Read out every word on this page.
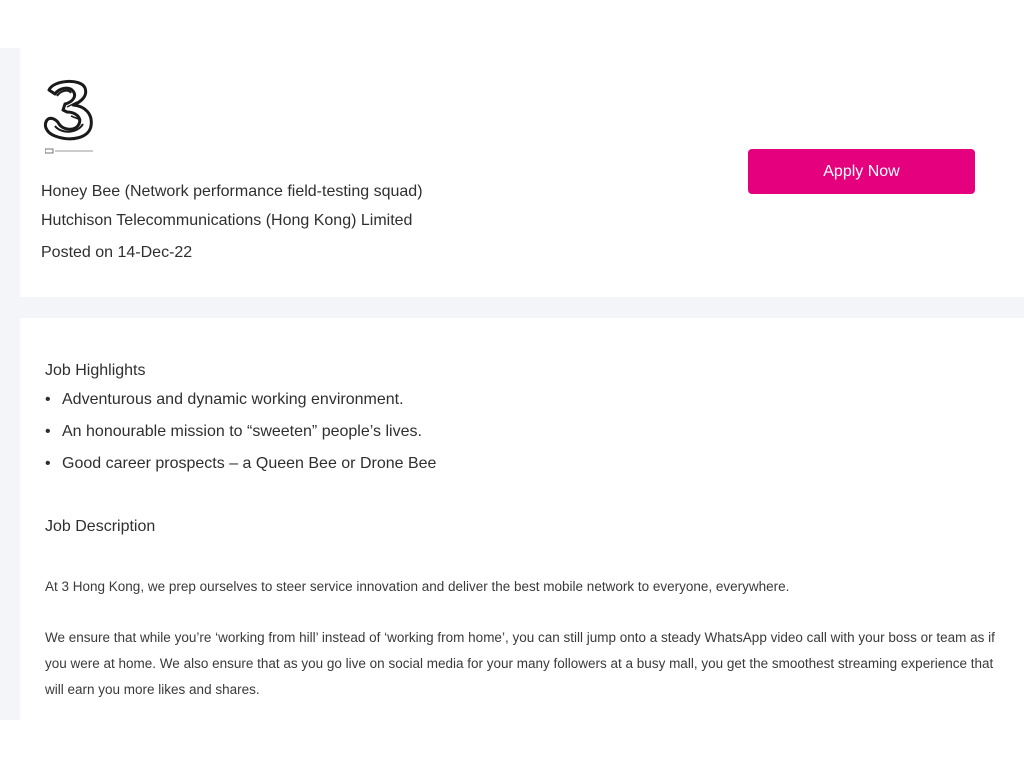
Honey Bee (Network performance field-testing squad)
Hutchison Telecommunications (Hong Kong) Limited
Posted on 14-Dec-22
Apply Now
Job Highlights
• Adventurous and dynamic working environment.
• An honourable mission to “sweeten” people’s lives.
• Good career prospects – a Queen Bee or Drone Bee
Job Description

At 3 Hong Kong, we prep ourselves to steer service innovation and deliver the best mobile network to everyone, everywhere.

We ensure that while you’re ‘working from hill’ instead of ‘working from home’, you can still jump onto a steady WhatsApp video call with your boss or team as if you were at home. We also ensure that as you go live on social media for your many followers at a busy mall, you get the smoothest streaming experience that will earn you more likes and shares.
